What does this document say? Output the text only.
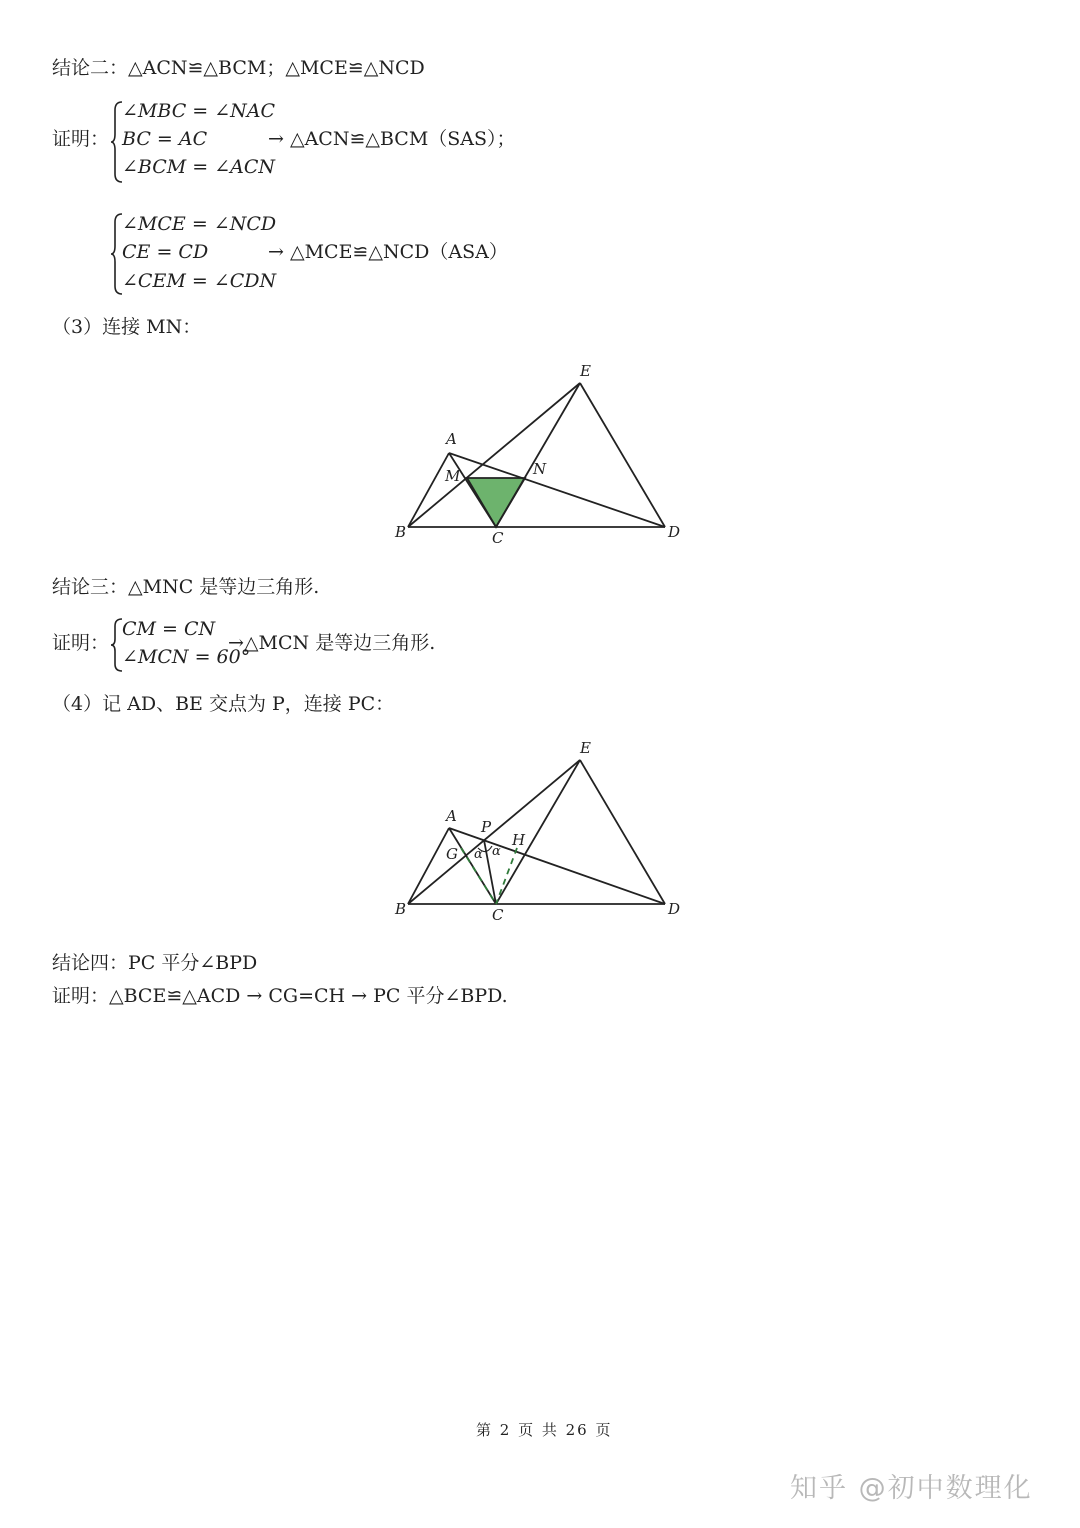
结论二：△ACN≌△BCM；△MCE≌△NCD
证明：
∠MBC = ∠NAC
BC = AC
∠BCM = ∠ACN
→ △ACN≌△BCM（SAS）；
∠MCE = ∠NCD
CE = CD
∠CEM = ∠CDN
→ △MCE≌△NCD（ASA）
（3）连接 MN：
A
B	C	D
E
M	N
结论三：△MNC 是等边三角形.
证明：
CM = CN
∠MCN = 60°
→△MCN 是等边三角形.
（4）记 AD、BE 交点为 P，连接 PC：
A
B	C	D
E
P
G
H
α α
结论四：PC 平分∠BPD
证明：△BCE≌△ACD → CG=CH → PC 平分∠BPD.
第 2 页 共 26 页
知乎 @初中数理化
